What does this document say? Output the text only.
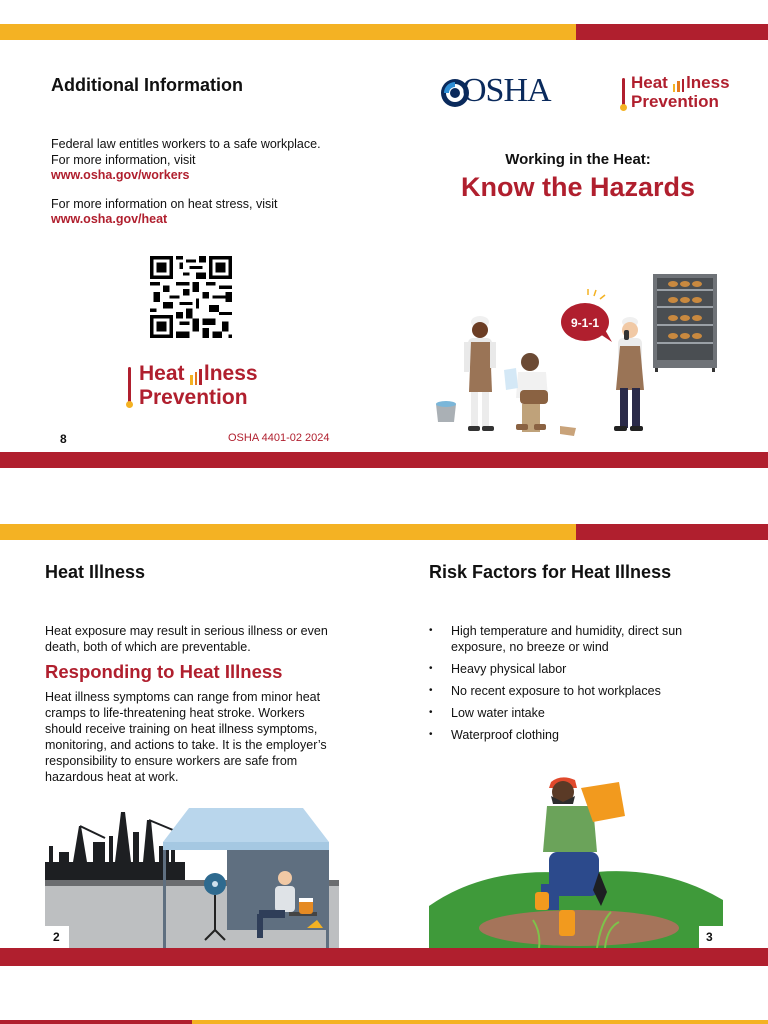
Additional Information
Federal law entitles workers to a safe workplace.
For more information, visit
www.osha.gov/workers
For more information on heat stress, visit
www.osha.gov/heat
Heat lness
Prevention
8	OSHA 4401-02 2024
OSHA	Heat lness
Prevention
Working in the Heat:
Know the Hazards
9-1-1
Heat Illness
Heat exposure may result in serious illness or even
death, both of which are preventable.
Responding to Heat Illness
Heat illness symptoms can range from minor heat
cramps to life-threatening heat stroke. Workers
should receive training on heat illness symptoms,
monitoring, and actions to take. It is the employer’s
responsibility to ensure workers are safe from
hazardous heat at work.
2
Risk Factors for Heat Illness
• High temperature and humidity, direct sun
exposure, no breeze or wind
• Heavy physical labor
• No recent exposure to hot workplaces
• Low water intake
• Waterproof clothing
3
